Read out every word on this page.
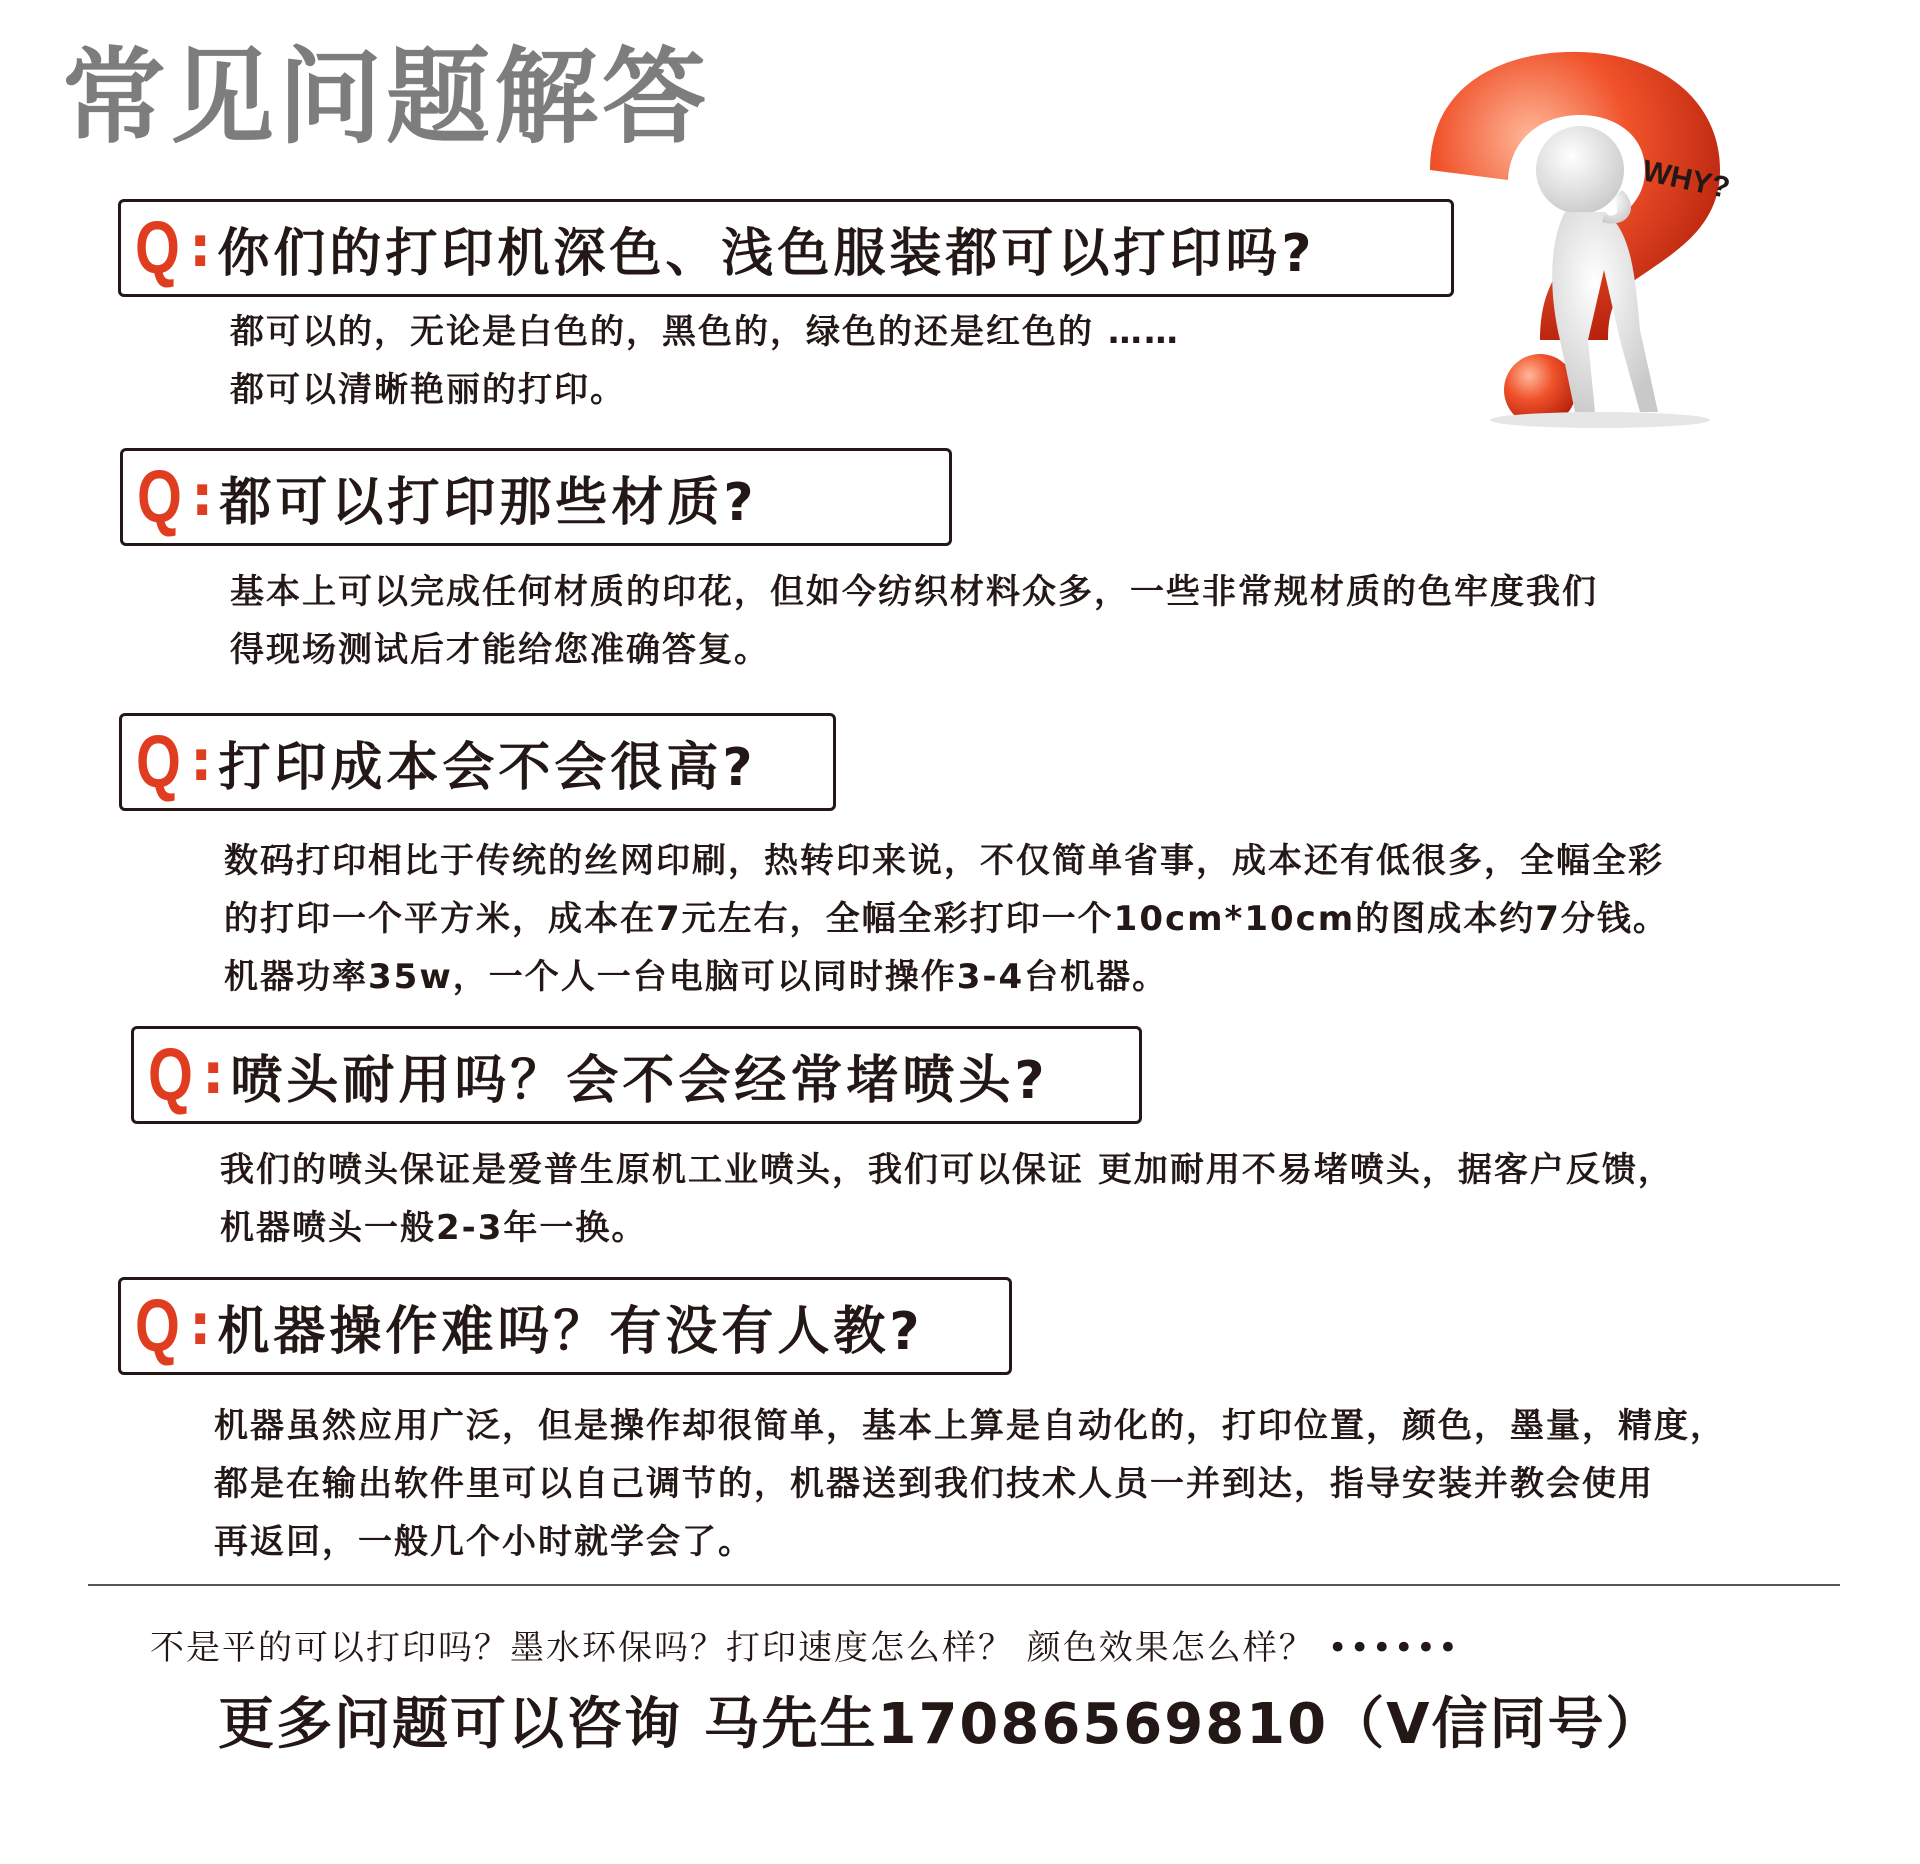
常见问题解答
WHY?
Q : 你们的打印机深色、浅色服装都可以打印吗?
都可以的，无论是白色的，黑色的，绿色的还是红色的 ……
都可以清晰艳丽的打印。
Q : 都可以打印那些材质?
基本上可以完成任何材质的印花，但如今纺织材料众多，一些非常规材质的色牢度我们
得现场测试后才能给您准确答复。
Q : 打印成本会不会很高?
数码打印相比于传统的丝网印刷，热转印来说，不仅简单省事，成本还有低很多，全幅全彩
的打印一个平方米，成本在7元左右，全幅全彩打印一个10cm*10cm的图成本约7分钱。
机器功率35w，一个人一台电脑可以同时操作3-4台机器。
Q : 喷头耐用吗？会不会经常堵喷头?
我们的喷头保证是爱普生原机工业喷头，我们可以保证 更加耐用不易堵喷头，据客户反馈，
机器喷头一般2-3年一换。
Q : 机器操作难吗？有没有人教?
机器虽然应用广泛，但是操作却很简单，基本上算是自动化的，打印位置，颜色，墨量，精度，
都是在输出软件里可以自己调节的，机器送到我们技术人员一并到达，指导安装并教会使用
再返回，一般几个小时就学会了。
不是平的可以打印吗？墨水环保吗？打印速度怎么样？ 颜色效果怎么样？ ••••••
更多问题可以咨询 马先生17086569810（V信同号）
